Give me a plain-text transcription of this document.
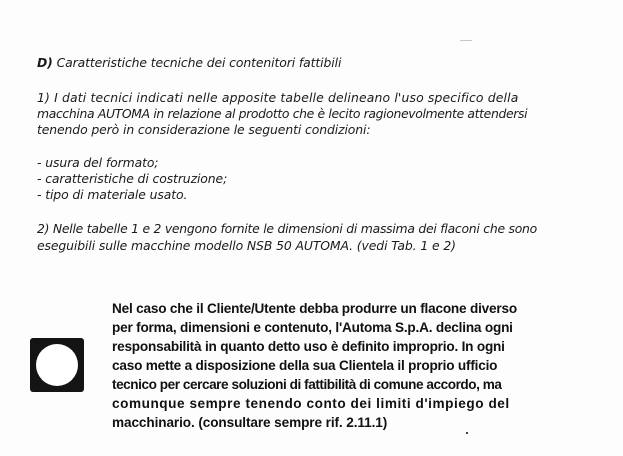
D) Caratteristiche tecniche dei contenitori fattibili
1) I dati tecnici indicati nelle apposite tabelle delineano l'uso specifico della
macchina AUTOMA in relazione al prodotto che è lecito ragionevolmente attendersi
tenendo però in considerazione le seguenti condizioni:
- usura del formato;
- caratteristiche di costruzione;
- tipo di materiale usato.
2) Nelle tabelle 1 e 2 vengono fornite le dimensioni di massima dei flaconi che sono
eseguibili sulle macchine modello NSB 50 AUTOMA. (vedi Tab. 1 e 2)
Nel caso che il Cliente/Utente debba produrre un flacone diverso
per forma, dimensioni e contenuto, l'Automa S.p.A. declina ogni
responsabilità in quanto detto uso è definito improprio. In ogni
caso mette a disposizione della sua Clientela il proprio ufficio
tecnico per cercare soluzioni di fattibilità di comune accordo, ma
comunque sempre tenendo conto dei limiti d'impiego del
macchinario. (consultare sempre rif. 2.11.1)
